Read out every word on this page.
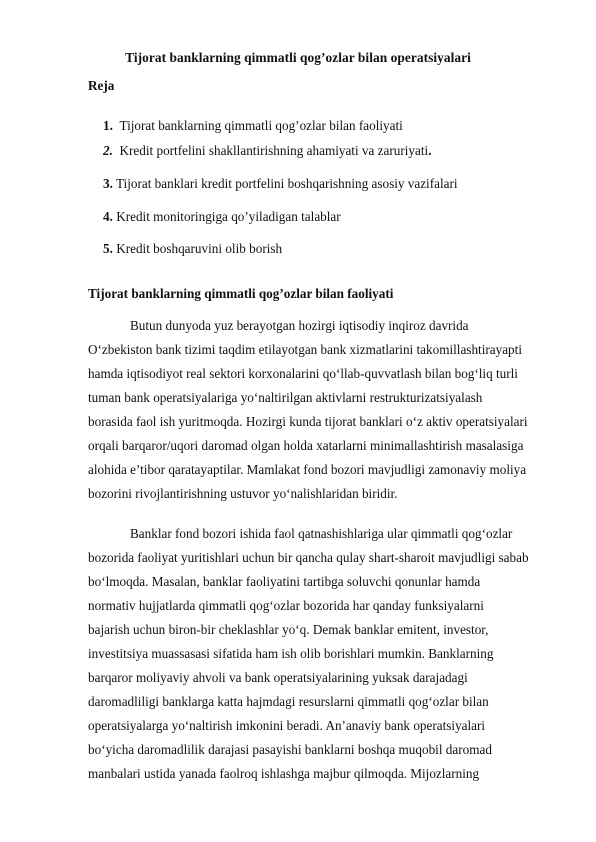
Tijorat banklarning qimmatli qog’ozlar bilan operatsiyalari
Reja
1. Tijorat banklarning qimmatli qog’ozlar bilan faoliyati
2. Kredit portfelini shakllantirishning ahamiyati va zaruriyati.
3. Tijorat banklari kredit portfelini boshqarishning asosiy vazifalari
4. Kredit monitoringiga qo’yiladigan talablar
5. Kredit boshqaruvini olib borish
Tijorat banklarning qimmatli qog’ozlar bilan faoliyati
Butun dunyoda yuz berayotgan hozirgi iqtisodiy inqiroz davrida
O‘zbekiston bank tizimi taqdim etilayotgan bank xizmatlarini takomillashtirayapti
hamda iqtisodiyot real sektori korxonalarini qo‘llab-quvvatlash bilan bog‘liq turli
tuman bank operatsiyalariga yo‘naltirilgan aktivlarni restrukturizatsiyalash
borasida faol ish yuritmoqda. Hozirgi kunda tijorat banklari o‘z aktiv operatsiyalari
orqali barqaror/uqori daromad olgan holda xatarlarni minimallashtirish masalasiga
alohida e’tibor qaratayaptilar. Mamlakat fond bozori mavjudligi zamonaviy moliya
bozorini rivojlantirishning ustuvor yo‘nalishlaridan biridir.
Banklar fond bozori ishida faol qatnashishlariga ular qimmatli qog‘ozlar
bozorida faoliyat yuritishlari uchun bir qancha qulay shart-sharoit mavjudligi sabab
bo‘lmoqda. Masalan, banklar faoliyatini tartibga soluvchi qonunlar hamda
normativ hujjatlarda qimmatli qog‘ozlar bozorida har qanday funksiyalarni
bajarish uchun biron-bir cheklashlar yo‘q. Demak banklar emitent, investor,
investitsiya muassasasi sifatida ham ish olib borishlari mumkin. Banklarning
barqaror moliyaviy ahvoli va bank operatsiyalarining yuksak darajadagi
daromadliligi banklarga katta hajmdagi resurslarni qimmatli qog‘ozlar bilan
operatsiyalarga yo‘naltirish imkonini beradi. An’anaviy bank operatsiyalari
bo‘yicha daromadlilik darajasi pasayishi banklarni boshqa muqobil daromad
manbalari ustida yanada faolroq ishlashga majbur qilmoqda. Mijozlarning
